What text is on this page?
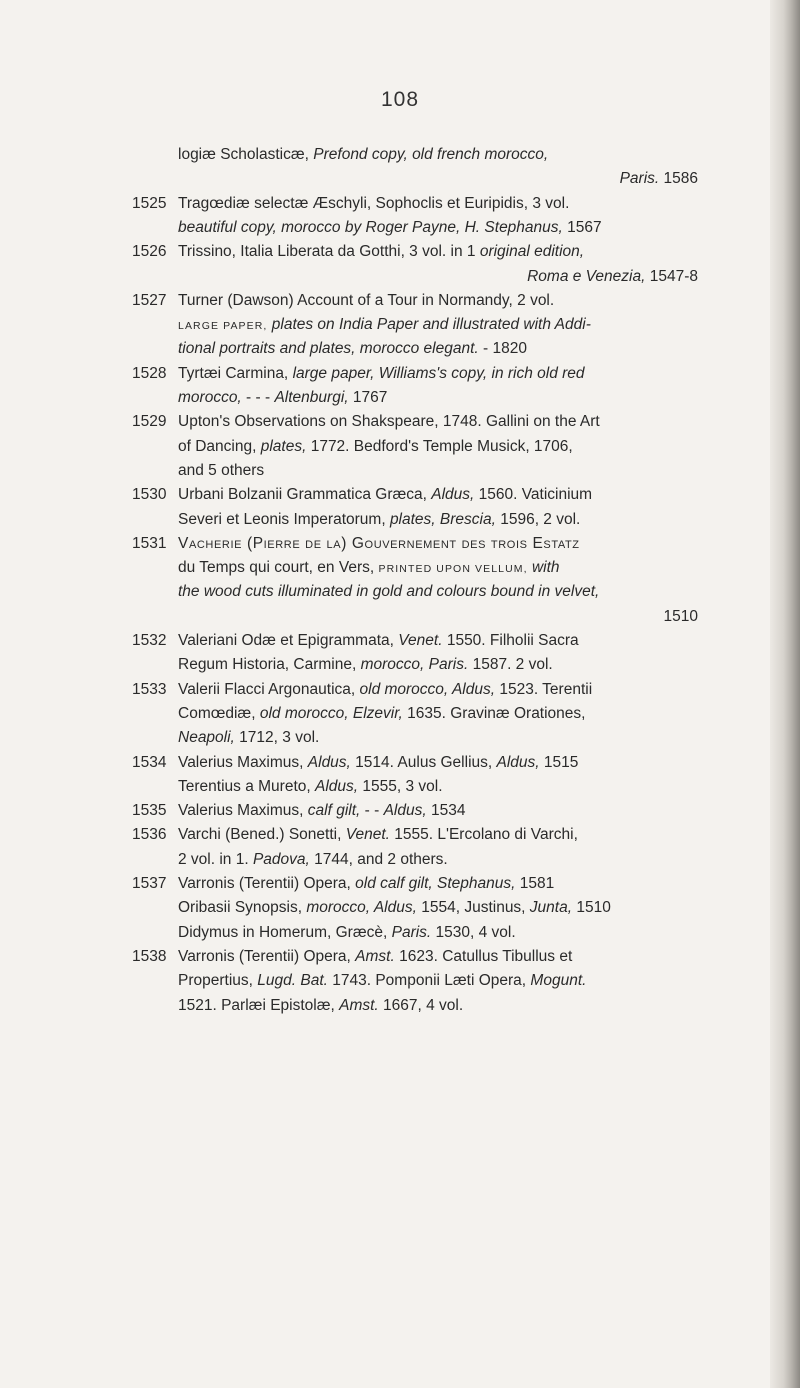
108
logiæ Scholasticæ, Prefond copy, old french morocco,
Paris. 1586
1525 Tragœdiæ selectæ Æschyli, Sophoclis et Euripidis, 3 vol.
beautiful copy, morocco by Roger Payne, H. Stephanus, 1567
1526 Trissino, Italia Liberata da Gotthi, 3 vol. in 1 original edition,
Roma e Venezia, 1547-8
1527 Turner (Dawson) Account of a Tour in Normandy, 2 vol.
LARGE PAPER, plates on India Paper and illustrated with Addi-
tional portraits and plates, morocco elegant. - 1820
1528 Tyrtæi Carmina, large paper, Williams's copy, in rich old red
morocco, - - - Altenburgi, 1767
1529 Upton's Observations on Shakspeare, 1748. Gallini on the Art
of Dancing, plates, 1772. Bedford's Temple Musick, 1706,
and 5 others
1530 Urbani Bolzanii Grammatica Græca, Aldus, 1560. Vaticinium
Severi et Leonis Imperatorum, plates, Brescia, 1596, 2 vol.
1531 Vacherie (Pierre de la) Gouvernement des trois Estatz
du Temps qui court, en Vers, PRINTED UPON VELLUM, with
the wood cuts illuminated in gold and colours bound in velvet,
1510
1532 Valeriani Odæ et Epigrammata, Venet. 1550. Filholii Sacra
Regum Historia, Carmine, morocco, Paris. 1587. 2 vol.
1533 Valerii Flacci Argonautica, old morocco, Aldus, 1523. Terentii
Comœdiæ, old morocco, Elzevir, 1635. Gravinæ Orationes,
Neapoli, 1712, 3 vol.
1534 Valerius Maximus, Aldus, 1514. Aulus Gellius, Aldus, 1515
Terentius a Mureto, Aldus, 1555, 3 vol.
1535 Valerius Maximus, calf gilt, - - Aldus, 1534
1536 Varchi (Bened.) Sonetti, Venet. 1555. L'Ercolano di Varchi,
2 vol. in 1. Padova, 1744, and 2 others.
1537 Varronis (Terentii) Opera, old calf gilt, Stephanus, 1581
Oribasii Synopsis, morocco, Aldus, 1554, Justinus, Junta, 1510
Didymus in Homerum, Græcè, Paris. 1530, 4 vol.
1538 Varronis (Terentii) Opera, Amst. 1623. Catullus Tibullus et
Propertius, Lugd. Bat. 1743. Pomponii Læti Opera, Mogunt.
1521. Parlæi Epistolæ, Amst. 1667, 4 vol.
